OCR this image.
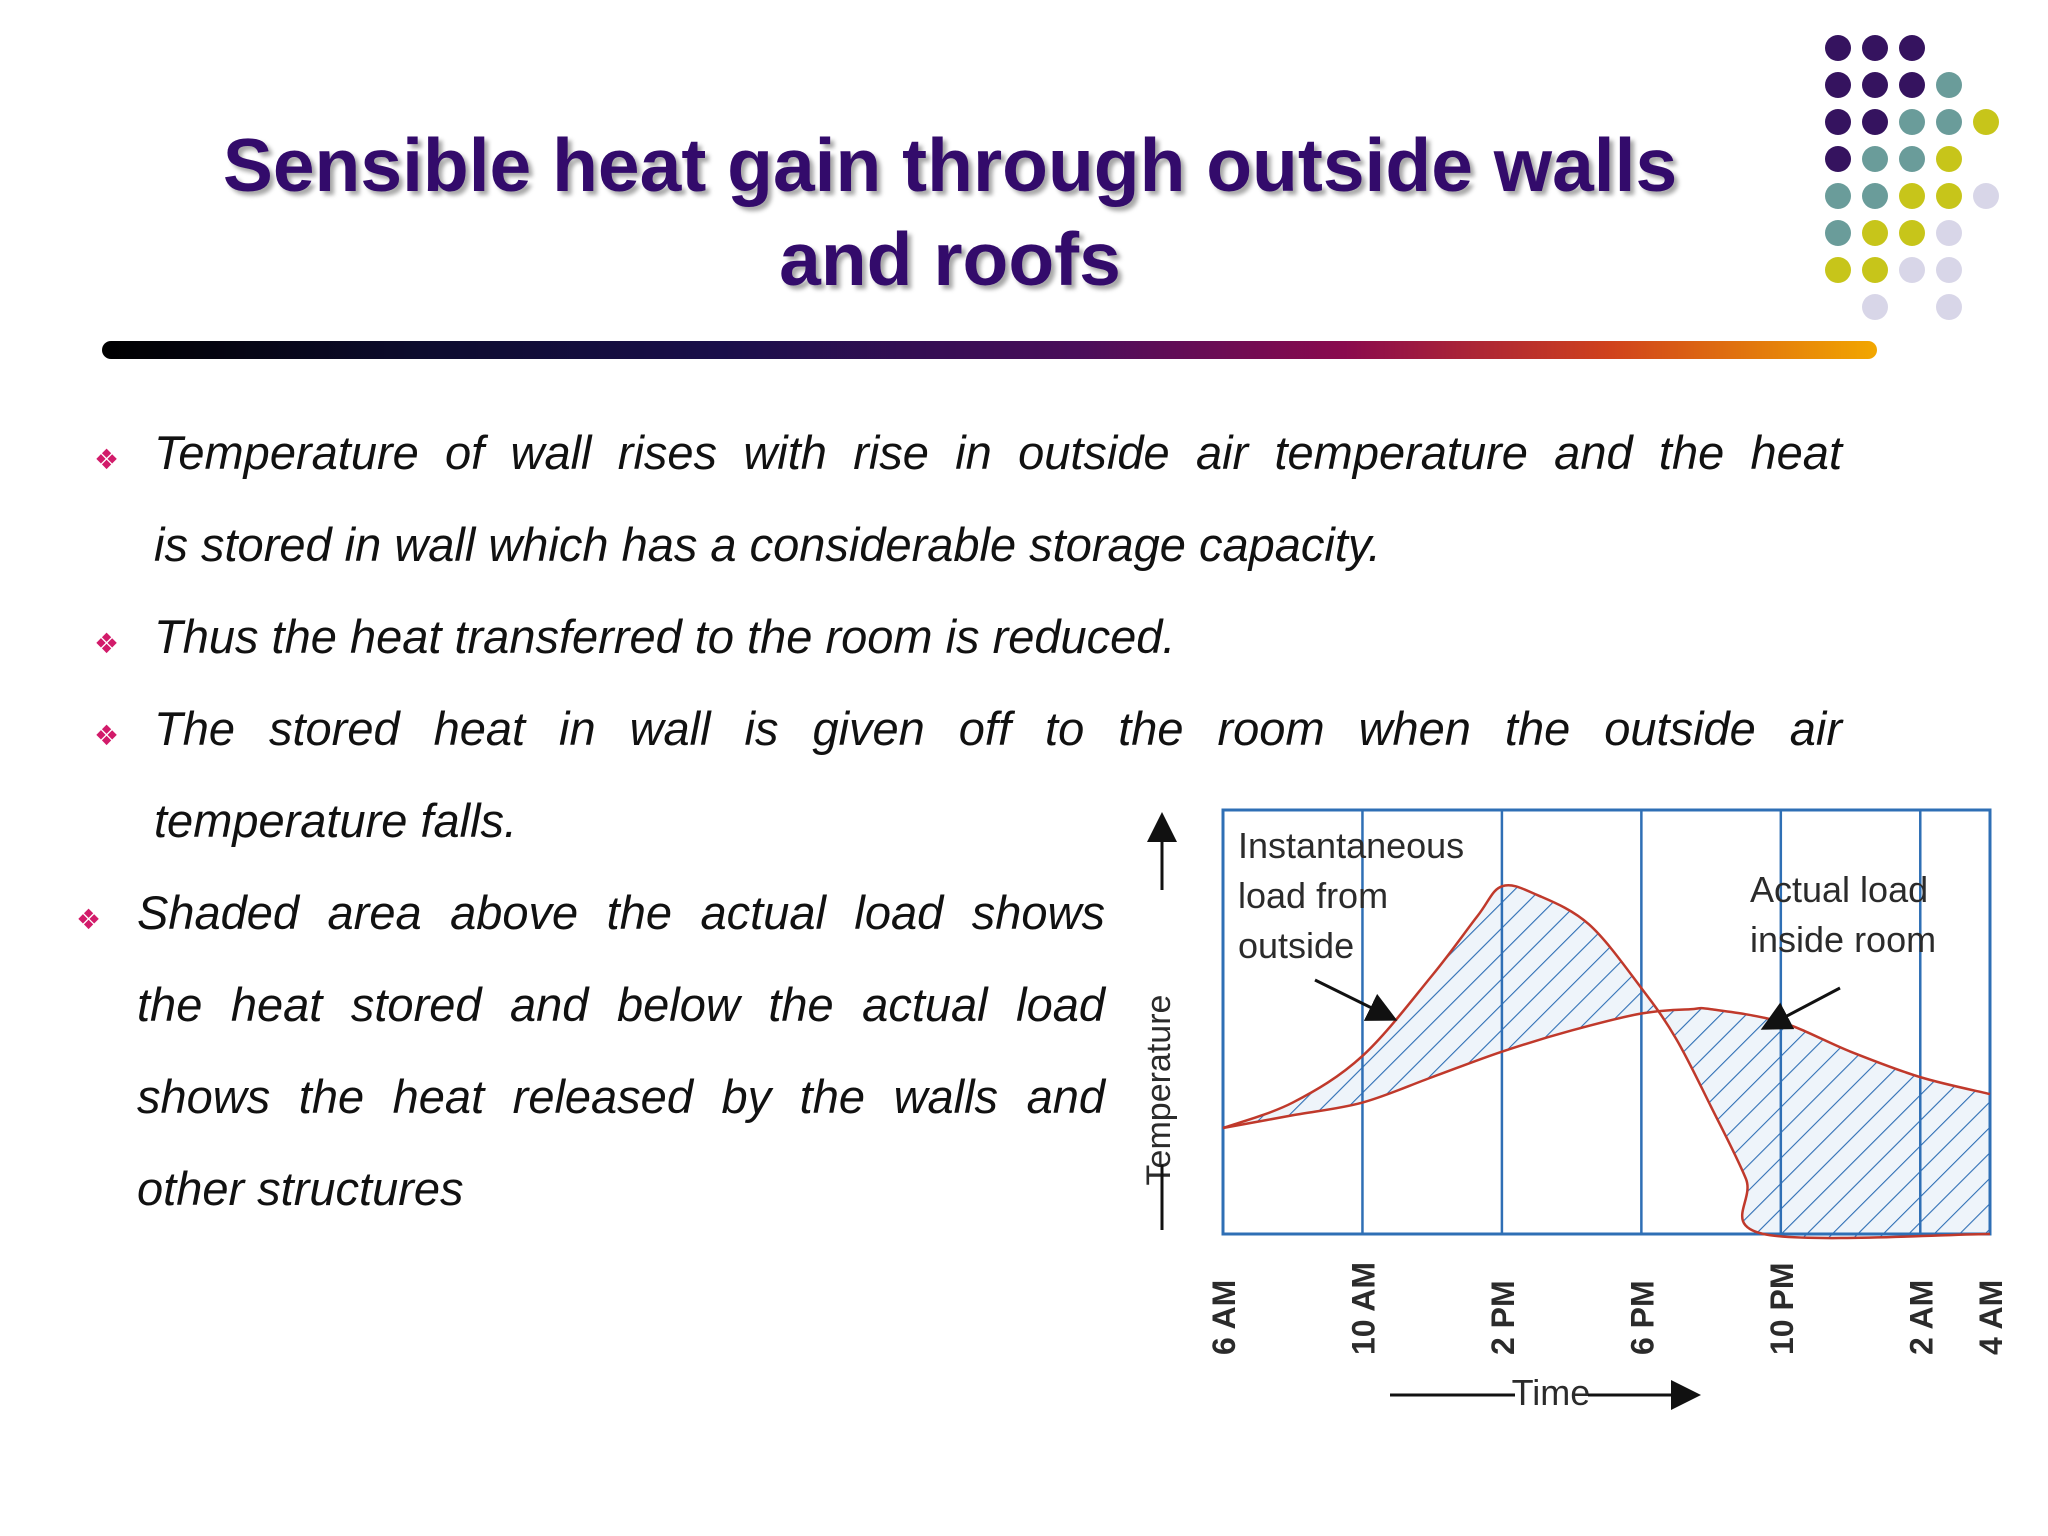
Sensible heat gain through outside walls
and roofs
❖ Temperature of wall rises with rise in outside air temperature and the heat
is stored in wall which has a considerable storage capacity.
❖ Thus the heat transferred to the room is reduced.
❖ The stored heat in wall is given off to the room when the outside air
temperature falls.
❖ Shaded area above the actual load shows
the heat stored and below the actual load
shows the heat released by the walls and
other structures
6 AM	10 AM	2 PM	6 PM	10 PM	2 AM 4 AM
Time
Temperature
Instantaneous
load from
outside
Actual load
inside room
